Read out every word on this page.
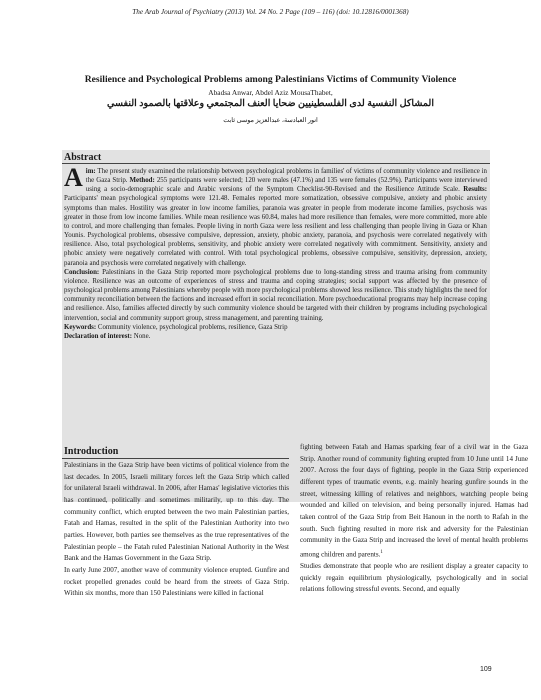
The Arab Journal of Psychiatry (2013) Vol. 24 No. 2 Page (109 – 116) (doi: 10.12816/0001368)
Resilience and Psychological Problems among Palestinians Victims of Community Violence
Abadsa Anwar, Abdel Aziz MousaThabet,
المشاكل النفسية لدى الفلسطينيين ضحايا العنف المجتمعي وعلاقتها بالصمود النفسي
انور العبادسة، عبدالعزيز موسى ثابت
Abstract

Aim: The present study examined the relationship between psychological problems in families' of victims of community violence and resilience in the Gaza Strip. Method: 255 participants were selected; 120 were males (47.1%) and 135 were females (52.9%). Participants were interviewed using a socio-demographic scale and Arabic versions of the Symptom Checklist-90-Revised and the Resilience Attitude Scale. Results: Participants' mean psychological symptoms were 121.48. Females reported more somatization, obsessive compulsive, anxiety and phobic anxiety symptoms than males. Hostility was greater in low income families, paranoia was greater in people from moderate income families, psychosis was greater in those from low income families. While mean resilience was 60.84, males had more resilience than females, were more committed, more able to control, and more challenging than females. People living in north Gaza were less resilient and less challenging than people living in Gaza or Khan Younis. Psychological problems, obsessive compulsive, depression, anxiety, phobic anxiety, paranoia, and psychosis were correlated negatively with resilience. Also, total psychological problems, sensitivity, and phobic anxiety were correlated negatively with commitment. Sensitivity, anxiety and phobic anxiety were negatively correlated with control. With total psychological problems, obsessive compulsive, sensitivity, depression, anxiety, paranoia and psychosis were correlated negatively with challenge.

Conclusion: Palestinians in the Gaza Strip reported more psychological problems due to long-standing stress and trauma arising from community violence. Resilience was an outcome of experiences of stress and trauma and coping strategies; social support was affected by the presence of psychological problems among Palestinians whereby people with more psychological problems showed less resilience. This study highlights the need for community reconciliation between the factions and increased effort in social reconciliation. More psychoeducational programs may help increase coping and resilience. Also, families affected directly by such community violence should be targeted with their children by programs including psychological intervention, social and community support group, stress management, and parenting training.

Keywords: Community violence, psychological problems, resilience, Gaza Strip

Declaration of interest: None.

Introduction

Palestinians in the Gaza Strip have been victims of political violence from the last decades. In 2005, Israeli military forces left the Gaza Strip which called for unilateral Israeli withdrawal. In 2006, after Hamas' legislative victories this has continued, politically and sometimes militarily, up to this day. The community conflict, which erupted between the two main Palestinian parties, Fatah and Hamas, resulted in the split of the Palestinian Authority into two parties. However, both parties see themselves as the true representatives of the Palestinian people – the Fatah ruled Palestinian National Authority in the West Bank and the Hamas Government in the Gaza Strip.

In early June 2007, another wave of community violence erupted. Gunfire and rocket propelled grenades could be heard from the streets of Gaza Strip. Within six months, more than 150 Palestinians were killed in factional

fighting between Fatah and Hamas sparking fear of a civil war in the Gaza Strip. Another round of community fighting erupted from 10 June until 14 June 2007. Across the four days of fighting, people in the Gaza Strip experienced different types of traumatic events, e.g. mainly hearing gunfire sounds in the street, witnessing killing of relatives and neighbors, watching people being wounded and killed on television, and being personally injured. Hamas had taken control of the Gaza Strip from Beit Hanoun in the north to Rafah in the south. Such fighting resulted in more risk and adversity for the Palestinian community in the Gaza Strip and increased the level of mental health problems among children and parents.$^1$

Studies demonstrate that people who are resilient display a greater capacity to quickly regain equilibrium physiologically, psychologically and in social relations following stressful events. Second, and equally

109
